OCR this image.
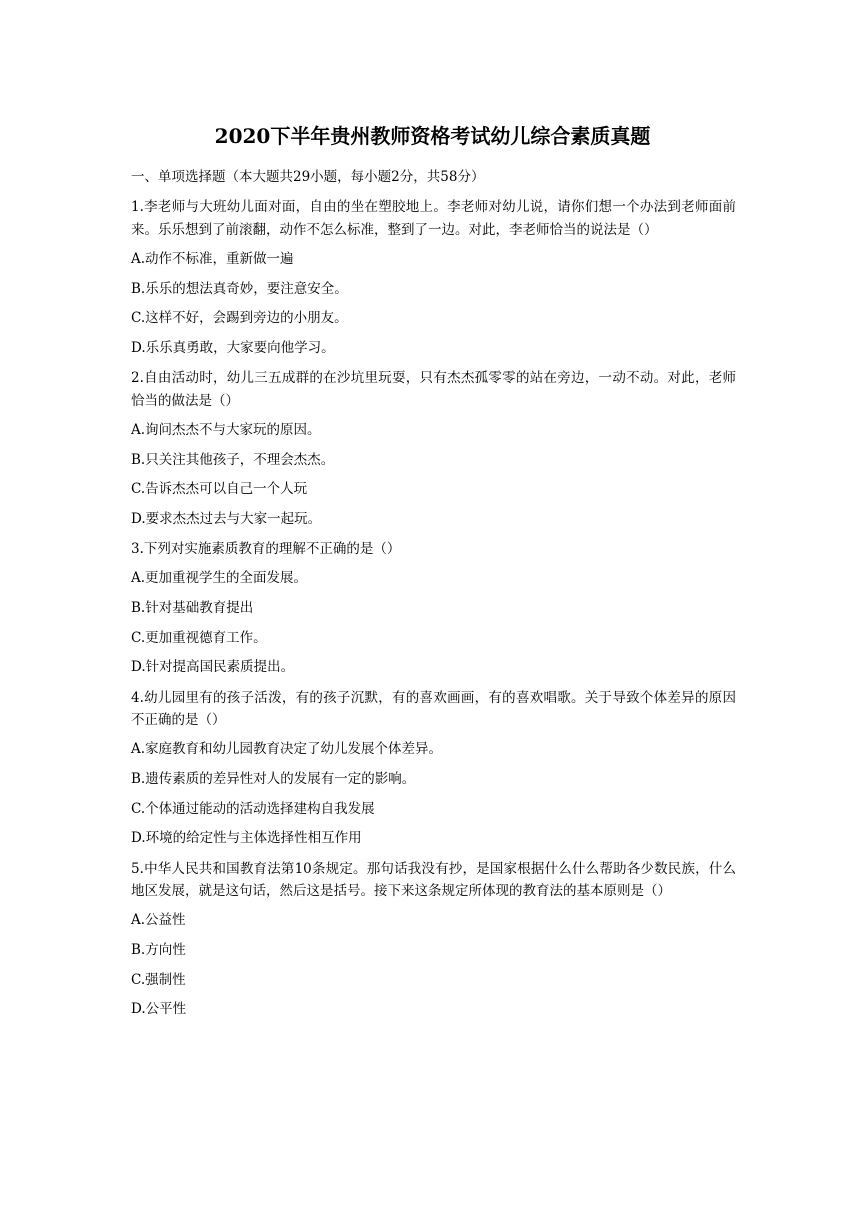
2020下半年贵州教师资格考试幼儿综合素质真题
一、单项选择题（本大题共29小题，每小题2分，共58分）
1.李老师与大班幼儿面对面，自由的坐在塑胶地上。李老师对幼儿说，请你们想一个办法到老师面前来。乐乐想到了前滚翻，动作不怎么标准，整到了一边。对此，李老师恰当的说法是（）
A.动作不标准，重新做一遍
B.乐乐的想法真奇妙，要注意安全。
C.这样不好，会踢到旁边的小朋友。
D.乐乐真勇敢，大家要向他学习。
2.自由活动时，幼儿三五成群的在沙坑里玩耍，只有杰杰孤零零的站在旁边，一动不动。对此，老师恰当的做法是（）
A.询问杰杰不与大家玩的原因。
B.只关注其他孩子，不理会杰杰。
C.告诉杰杰可以自己一个人玩
D.要求杰杰过去与大家一起玩。
3.下列对实施素质教育的理解不正确的是（）
A.更加重视学生的全面发展。
B.针对基础教育提出
C.更加重视德育工作。
D.针对提高国民素质提出。
4.幼儿园里有的孩子活泼，有的孩子沉默，有的喜欢画画，有的喜欢唱歌。关于导致个体差异的原因不正确的是（）
A.家庭教育和幼儿园教育决定了幼儿发展个体差异。
B.遗传素质的差异性对人的发展有一定的影响。
C.个体通过能动的活动选择建构自我发展
D.环境的给定性与主体选择性相互作用
5.中华人民共和国教育法第10条规定。那句话我没有抄，是国家根据什么什么帮助各少数民族，什么地区发展，就是这句话，然后这是括号。接下来这条规定所体现的教育法的基本原则是（）
A.公益性
B.方向性
C.强制性
D.公平性
